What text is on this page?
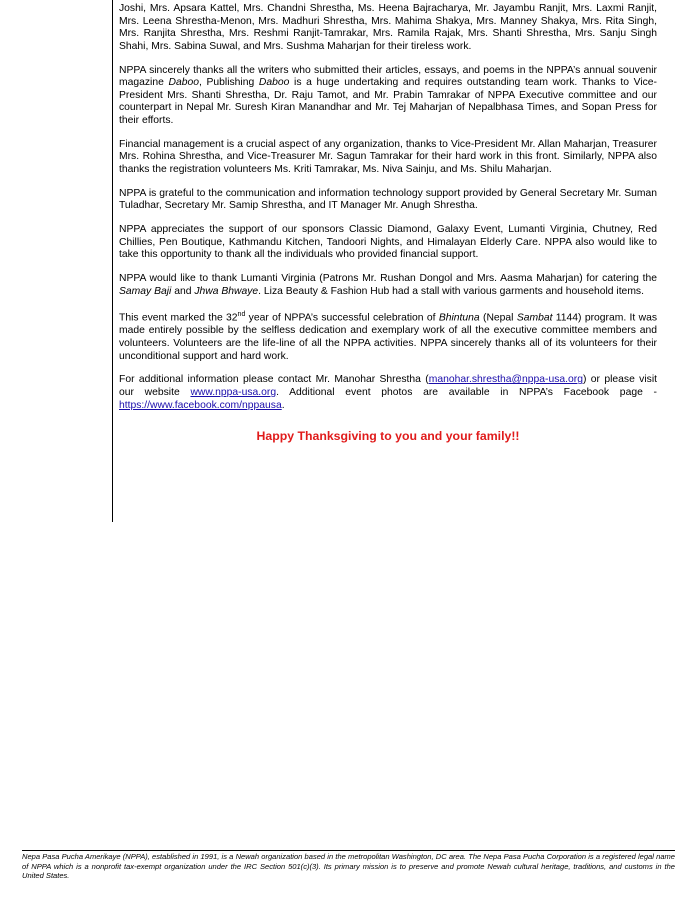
Joshi, Mrs. Apsara Kattel, Mrs. Chandni Shrestha, Ms. Heena Bajracharya, Mr. Jayambu Ranjit, Mrs. Laxmi Ranjit, Mrs. Leena Shrestha-Menon, Mrs. Madhuri Shrestha, Mrs. Mahima Shakya, Mrs. Manney Shakya, Mrs. Rita Singh, Mrs. Ranjita Shrestha, Mrs. Reshmi Ranjit-Tamrakar, Mrs. Ramila Rajak, Mrs. Shanti Shrestha, Mrs. Sanju Singh Shahi, Mrs. Sabina Suwal, and Mrs. Sushma Maharjan for their tireless work.

NPPA sincerely thanks all the writers who submitted their articles, essays, and poems in the NPPA’s annual souvenir magazine Daboo, Publishing Daboo is a huge undertaking and requires outstanding team work. Thanks to Vice-President Mrs. Shanti Shrestha, Dr. Raju Tamot, and Mr. Prabin Tamrakar of NPPA Executive committee and our counterpart in Nepal Mr. Suresh Kiran Manandhar and Mr. Tej Maharjan of Nepalbhasa Times, and Sopan Press for their efforts.

Financial management is a crucial aspect of any organization, thanks to Vice-President Mr. Allan Maharjan, Treasurer Mrs. Rohina Shrestha, and Vice-Treasurer Mr. Sagun Tamrakar for their hard work in this front. Similarly, NPPA also thanks the registration volunteers Ms. Kriti Tamrakar, Ms. Niva Sainju, and Ms. Shilu Maharjan.

NPPA is grateful to the communication and information technology support provided by General Secretary Mr. Suman Tuladhar, Secretary Mr. Samip Shrestha, and IT Manager Mr. Anugh Shrestha.

NPPA appreciates the support of our sponsors Classic Diamond, Galaxy Event, Lumanti Virginia, Chutney, Red Chillies, Pen Boutique, Kathmandu Kitchen, Tandoori Nights, and Himalayan Elderly Care. NPPA also would like to take this opportunity to thank all the individuals who provided financial support.

NPPA would like to thank Lumanti Virginia (Patrons Mr. Rushan Dongol and Mrs. Aasma Maharjan) for catering the Samay Baji and Jhwa Bhwaye. Liza Beauty & Fashion Hub had a stall with various garments and household items.

This event marked the 32nd year of NPPA’s successful celebration of Bhintuna (Nepal Sambat 1144) program. It was made entirely possible by the selfless dedication and exemplary work of all the executive committee members and volunteers. Volunteers are the life-line of all the NPPA activities. NPPA sincerely thanks all of its volunteers for their unconditional support and hard work.

For additional information please contact Mr. Manohar Shrestha (manohar.shrestha@nppa-usa.org) or please visit our website www.nppa-usa.org. Additional event photos are available in NPPA’s Facebook page - https://www.facebook.com/nppausa.

Happy Thanksgiving to you and your family!!
Nepa Pasa Pucha Amerikaye (NPPA), established in 1991, is a Newah organization based in the metropolitan Washington, DC area. The Nepa Pasa Pucha Corporation is a registered legal name of NPPA which is a nonprofit tax-exempt organization under the IRC Section 501(c)(3). Its primary mission is to preserve and promote Newah cultural heritage, traditions, and customs in the United States.
